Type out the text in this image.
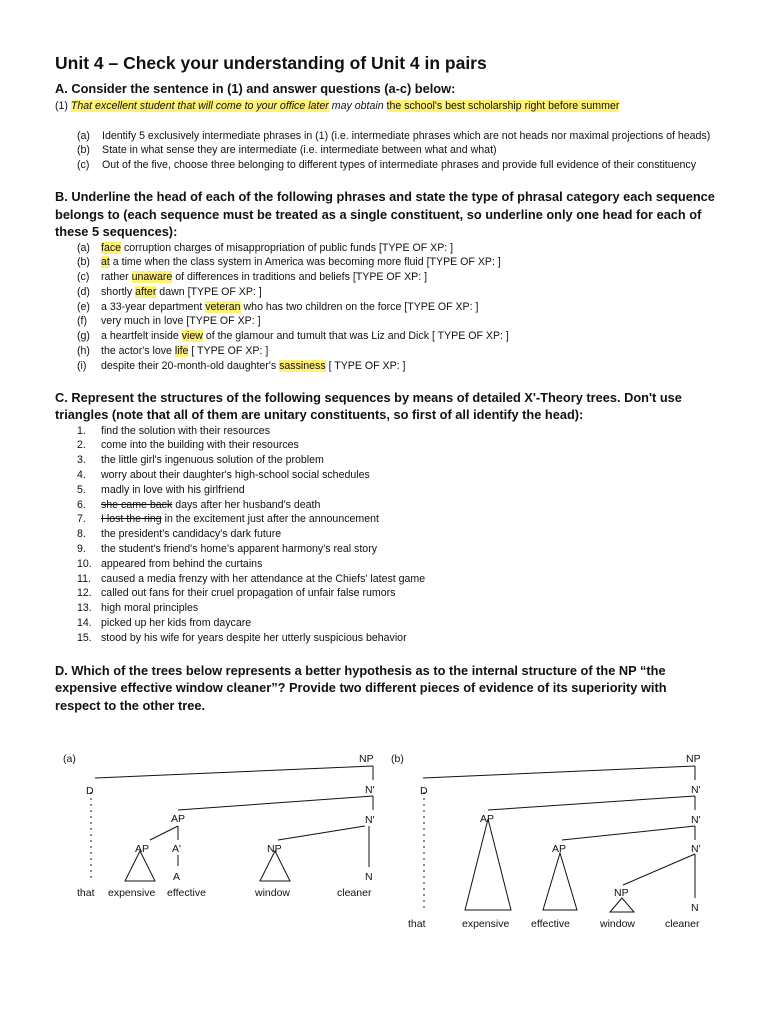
Unit 4 – Check your understanding of Unit 4 in pairs

A. Consider the sentence in (1) and answer questions (a-c) below:

(1) That excellent student that will come to your office later may obtain the school's best scholarship right before summer

(a) Identify 5 exclusively intermediate phrases in (1) (i.e. intermediate phrases which are not heads nor maximal projections of heads)
(b) State in what sense they are intermediate (i.e. intermediate between what and what)
(c) Out of the five, choose three belonging to different types of intermediate phrases and provide full evidence of their constituency

B. Underline the head of each of the following phrases and state the type of phrasal category each sequence belongs to (each sequence must be treated as a single constituent, so underline only one head for each of these 5 sequences):

(a) face corruption charges of misappropriation of public funds [TYPE OF XP: ]
(b) at a time when the class system in America was becoming more fluid [TYPE OF XP: ]
(c) rather unaware of differences in traditions and beliefs [TYPE OF XP: ]
(d) shortly after dawn [TYPE OF XP: ]
(e) a 33-year department veteran who has two children on the force [TYPE OF XP: ]
(f) very much in love [TYPE OF XP: ]
(g) a heartfelt inside view of the glamour and tumult that was Liz and Dick [ TYPE OF XP: ]
(h) the actor's love life [ TYPE OF XP: ]
(i) despite their 20-month-old daughter's sassiness [ TYPE OF XP: ]

C. Represent the structures of the following sequences by means of detailed X'-Theory trees. Don't use triangles (note that all of them are unitary constituents, so first of all identify the head):

1. find the solution with their resources
2. come into the building with their resources
3. the little girl's ingenuous solution of the problem
4. worry about their daughter's high-school social schedules
5. madly in love with his girlfriend
6. she came back days after her husband's death
7. I lost the ring in the excitement just after the announcement
8. the president's candidacy's dark future
9. the student's friend's home's apparent harmony's real story
10. appeared from behind the curtains
11. caused a media frenzy with her attendance at the Chiefs' latest game
12. called out fans for their cruel propagation of unfair false rumors
13. high moral principles
14. picked up her kids from daycare
15. stood by his wife for years despite her utterly suspicious behavior

D. Which of the trees below represents a better hypothesis as to the internal structure of the NP “the expensive effective window cleaner”? Provide two different pieces of evidence of its superiority with respect to the other tree.

(a)	NP
D	N'
AP	N'
AP A'	NP
A	N
that expensive effective	window	cleaner
(b)	NP
D	N'
AP	N'
AP	N'
NP
N
that	expensive effective	window	cleaner
